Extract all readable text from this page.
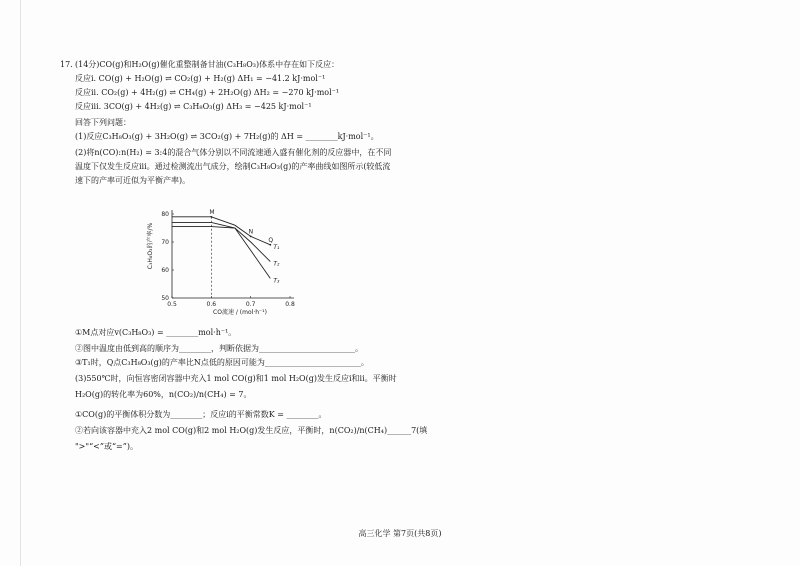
17. (14分)CO(g)和H₂O(g)催化重整制备甘油(C₃H₈O₃)体系中存在如下反应：
反应i. CO(g) + H₂O(g) ⇌ CO₂(g) + H₂(g) ΔH₁ = −41.2 kJ·mol⁻¹
反应ii. CO₂(g) + 4H₂(g) ⇌ CH₄(g) + 2H₂O(g) ΔH₂ = −270 kJ·mol⁻¹
反应iii. 3CO(g) + 4H₂(g) ⇌ C₃H₈O₃(g) ΔH₃ = −425 kJ·mol⁻¹
回答下列问题：
(1)反应C₃H₈O₃(g) + 3H₂O(g) ⇌ 3CO₂(g) + 7H₂(g)的 ΔH = ________kJ·mol⁻¹。
(2)将n(CO):n(H₂) = 3:4的混合气体分别以不同流速通入盛有催化剂的反应器中，在不同
温度下仅发生反应iii。通过检测流出气成分，绘制C₃H₈O₃(g)的产率曲线如图所示(较低流
速下的产率可近似为平衡产率)。
0.5	0.6	0.7	0.8
50
60
70
80
T₁
T₂
T₃
M
N
Q
CO流速 / (mol·h⁻¹)
C₃H₈O₃的产率/%
①M点对应v(C₃H₈O₃) = ________mol·h⁻¹。
②图中温度由低到高的顺序为________，判断依据为________________________。
③T₁时，Q点C₃H₈O₃(g)的产率比N点低的原因可能为________________________。
(3)550℃时，向恒容密闭容器中充入1 mol CO(g)和1 mol H₂O(g)发生反应i和ii。平衡时
H₂O(g)的转化率为60%，n(CO₂)/n(CH₄) = 7。
①CO(g)的平衡体积分数为________；反应i的平衡常数K = ________。
②若向该容器中充入2 mol CO(g)和2 mol H₂O(g)发生反应，平衡时，n(CO₂)/n(CH₄)______7(填
">"“<”或“=”)。
高三化学 第7页(共8页)
